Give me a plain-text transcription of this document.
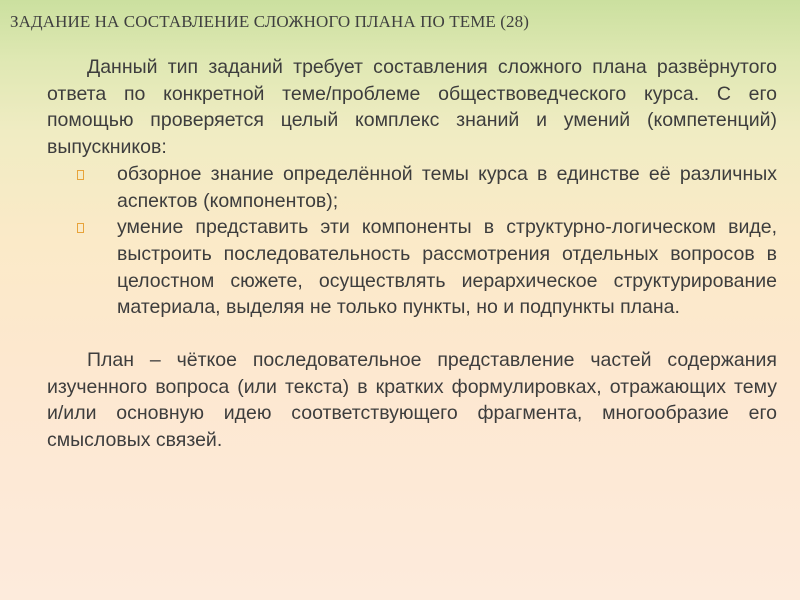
ЗАДАНИЕ НА СОСТАВЛЕНИЕ СЛОЖНОГО ПЛАНА ПО ТЕМЕ (28)

Данный тип заданий требует составления сложного плана развёрнутого ответа по конкретной теме/проблеме обществоведческого курса. С его помощью проверяется целый комплекс знаний и умений (компетенций) выпускников:

обзорное знание определённой темы курса в единстве её различных аспектов (компонентов);
умение представить эти компоненты в структурно-логическом виде, выстроить последовательность рассмотрения отдельных вопросов в целостном сюжете, осуществлять иерархическое структурирование материала, выделяя не только пункты, но и подпункты плана.

План – чёткое последовательное представление частей содержания изученного вопроса (или текста) в кратких формулировках, отражающих тему и/или основную идею соответствующего фрагмента, многообразие его смысловых связей.
